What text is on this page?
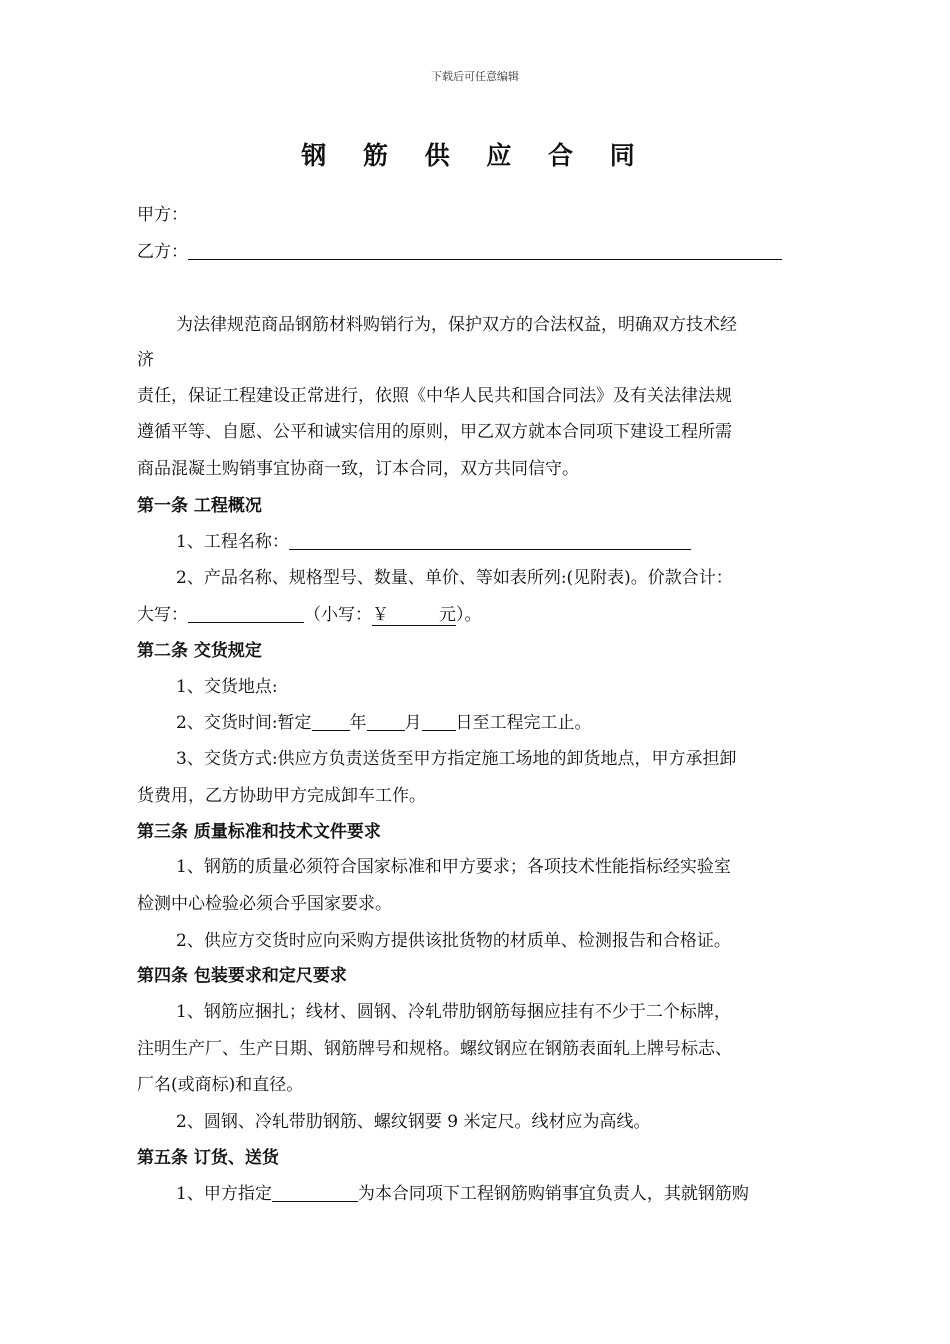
下载后可任意编辑
钢 筋 供 应 合 同
甲方：
乙方：
为法律规范商品钢筋材料购销行为，保护双方的合法权益，明确双方技术经
济
责任，保证工程建设正常进行，依照《中华人民共和国合同法》及有关法律法规
遵循平等、自愿、公平和诚实信用的原则，甲乙双方就本合同项下建设工程所需
商品混凝土购销事宜协商一致，订本合同，双方共同信守。
第一条 工程概况
1、工程名称：
2、产品名称、规格型号、数量、单价、等如表所列:(见附表)。价款合计：
大写：	（小写：￥	元）。
第二条 交货规定
1、交货地点:
2、交货时间:暂定 年 月 日至工程完工止。
3、交货方式:供应方负责送货至甲方指定施工场地的卸货地点，甲方承担卸
货费用，乙方协助甲方完成卸车工作。
第三条 质量标准和技术文件要求
1、钢筋的质量必须符合国家标准和甲方要求；各项技术性能指标经实验室
检测中心检验必须合乎国家要求。
2、供应方交货时应向采购方提供该批货物的材质单、检测报告和合格证。
第四条 包装要求和定尺要求
1、钢筋应捆扎；线材、圆钢、冷轧带肋钢筋每捆应挂有不少于二个标牌，
注明生产厂、生产日期、钢筋牌号和规格。螺纹钢应在钢筋表面轧上牌号标志、
厂名(或商标)和直径。
2、圆钢、冷轧带肋钢筋、螺纹钢要 9 米定尺。线材应为高线。
第五条 订货、送货
1、甲方指定	为本合同项下工程钢筋购销事宜负责人，其就钢筋购
